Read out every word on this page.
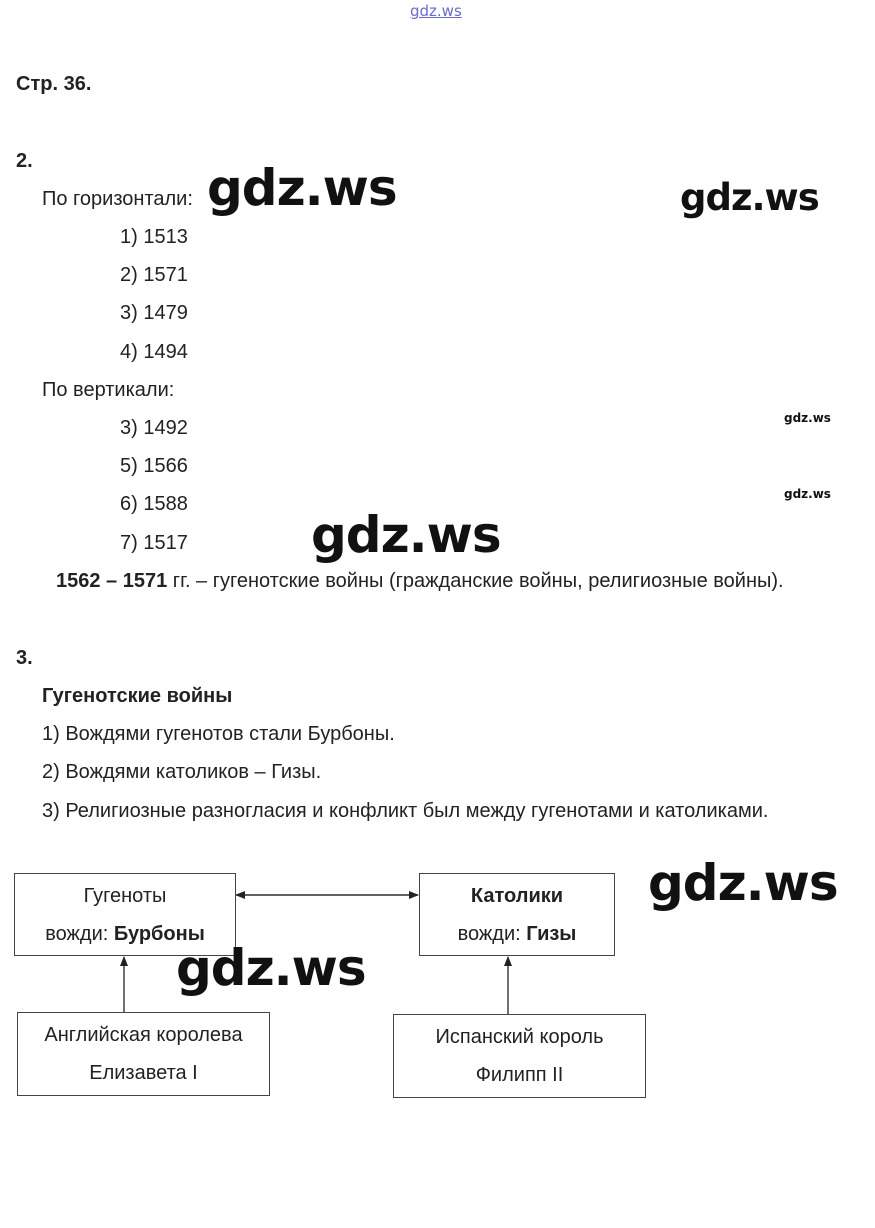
gdz.ws
Стр. 36.
2.
По горизонтали:
1) 1513
2) 1571
3) 1479
4) 1494
По вертикали:
3) 1492
5) 1566
6) 1588
7) 1517
1562 – 1571 гг. – гугенотские войны (гражданские войны, религиозные войны).
3.
Гугенотские войны
1) Вождями гугенотов стали Бурбоны.
2) Вождями католиков – Гизы.
3) Религиозные разногласия и конфликт был между гугенотами и католиками.
Гугеноты
вожди: Бурбоны
Католики
вожди: Гизы
Английская королева
Елизавета I
Испанский король
Филипп II
gdz.ws	gdz.ws
gdz.ws
gdz.ws
gdz.ws
gdz.ws
gdz.ws
